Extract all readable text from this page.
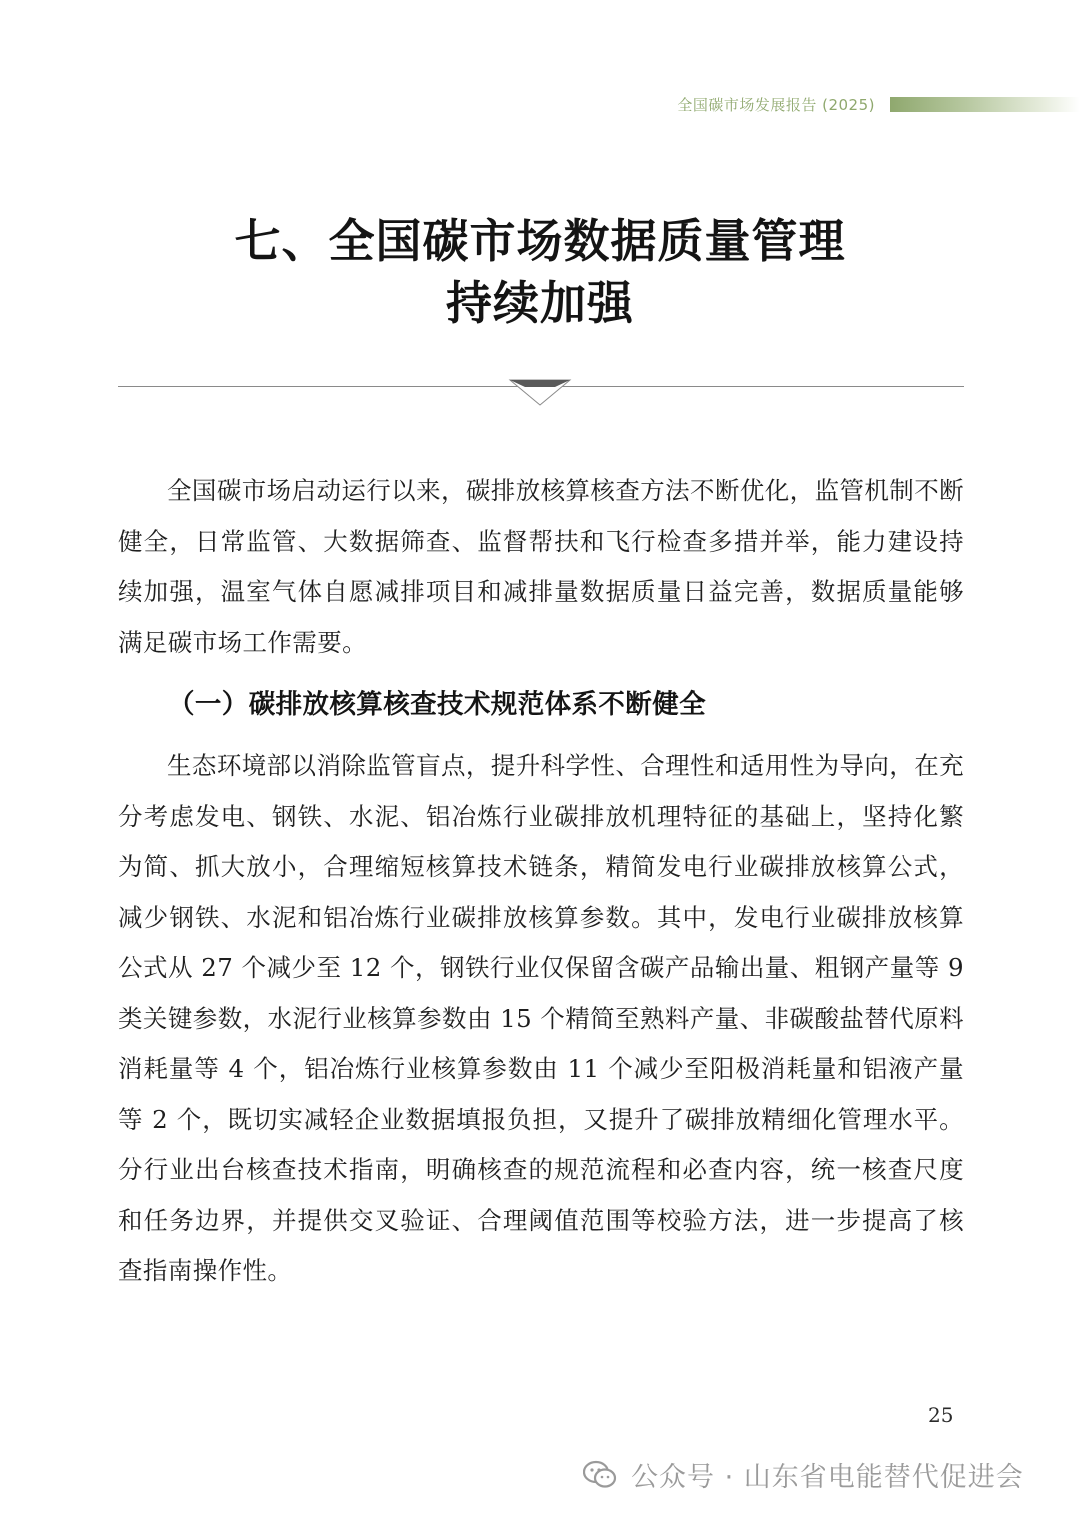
全国碳市场发展报告 (2025)
七、全国碳市场数据质量管理
持续加强

全国碳市场启动运行以来，碳排放核算核查方法不断优化，监管机制不断健全，日常监管、大数据筛查、监督帮扶和飞行检查多措并举，能力建设持续加强，温室气体自愿减排项目和减排量数据质量日益完善，数据质量能够满足碳市场工作需要。

（一）碳排放核算核查技术规范体系不断健全

生态环境部以消除监管盲点，提升科学性、合理性和适用性为导向，在充分考虑发电、钢铁、水泥、铝冶炼行业碳排放机理特征的基础上，坚持化繁为简、抓大放小，合理缩短核算技术链条，精简发电行业碳排放核算公式，减少钢铁、水泥和铝冶炼行业碳排放核算参数。其中，发电行业碳排放核算公式从 27 个减少至 12 个，钢铁行业仅保留含碳产品输出量、粗钢产量等 9 类关键参数，水泥行业核算参数由 15 个精简至熟料产量、非碳酸盐替代原料消耗量等 4 个，铝冶炼行业核算参数由 11 个减少至阳极消耗量和铝液产量等 2 个，既切实减轻企业数据填报负担，又提升了碳排放精细化管理水平。分行业出台核查技术指南，明确核查的规范流程和必查内容，统一核查尺度和任务边界，并提供交叉验证、合理阈值范围等校验方法，进一步提高了核查指南操作性。

25
公众号 · 山东省电能替代促进会
